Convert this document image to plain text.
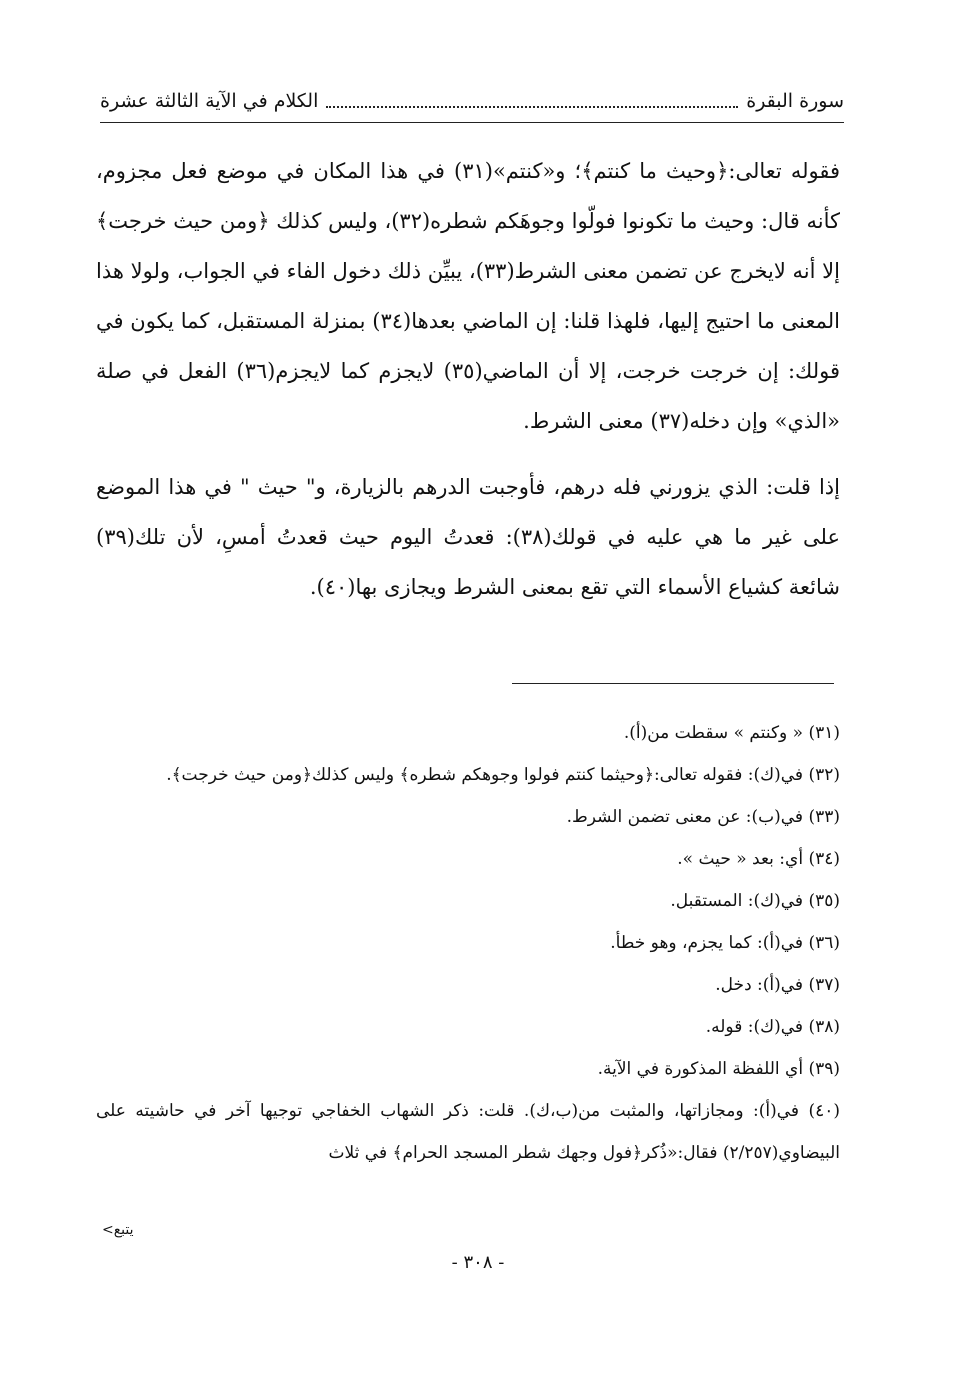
سورة البقرة
الكلام في الآية الثالثة عشرة

فقوله تعالى:﴿وحيث ما كنتم﴾؛ و«كنتم»(٣١) في هذا المكان في موضع فعل مجزوم، كأنه قال: وحيث ما تكونوا فولّوا وجوهَكم شطره(٣٢)، وليس كذلك ﴿ومن حيث خرجت﴾ إلا أنه لايخرج عن تضمن معنى الشرط(٣٣)، يبيِّن ذلك دخول الفاء في الجواب، ولولا هذا المعنى ما احتيج إليها، فلهذا قلنا: إن الماضي بعدها(٣٤) بمنزلة المستقبل، كما يكون في قولك: إن خرجت خرجت، إلا أن الماضي(٣٥) لايجزم كما لايجزم(٣٦) الفعل في صلة «الذي» وإن دخله(٣٧) معنى الشرط.

إذا قلت: الذي يزورني فله درهم، فأوجبت الدرهم بالزيارة، و" حيث " في هذا الموضع على غير ما هي عليه في قولك(٣٨): قعدتُ اليوم حيث قعدتُ أمسِ، لأن تلك(٣٩) شائعة كشياع الأسماء التي تقع بمعنى الشرط ويجازى بها(٤٠).

(٣١) « وكنتم » سقطت من(أ).

(٣٢) في(ك): فقوله تعالى:﴿وحيثما كنتم فولوا وجوهكم شطره﴾ وليس كذلك﴿ومن حيث خرجت﴾.

(٣٣) في(ب): عن معنى تضمن الشرط.

(٣٤) أي: بعد « حيث ».

(٣٥) في(ك): المستقبل.

(٣٦) في(أ): كما يجزم، وهو خطأ.

(٣٧) في(أ): دخل.

(٣٨) في(ك): قوله.

(٣٩) أي اللفظة المذكورة في الآية.

(٤٠) في(أ): ومجازاتها، والمثبت من(ب،ك). قلت: ذكر الشهاب الخفاجي توجيها آخر في حاشيته على البيضاوي(٢/٢٥٧) فقال:«ذُكر﴿فول وجهك شطر المسجد الحرام﴾ في ثلاث

يتبع>
- ٣٠٨ -
